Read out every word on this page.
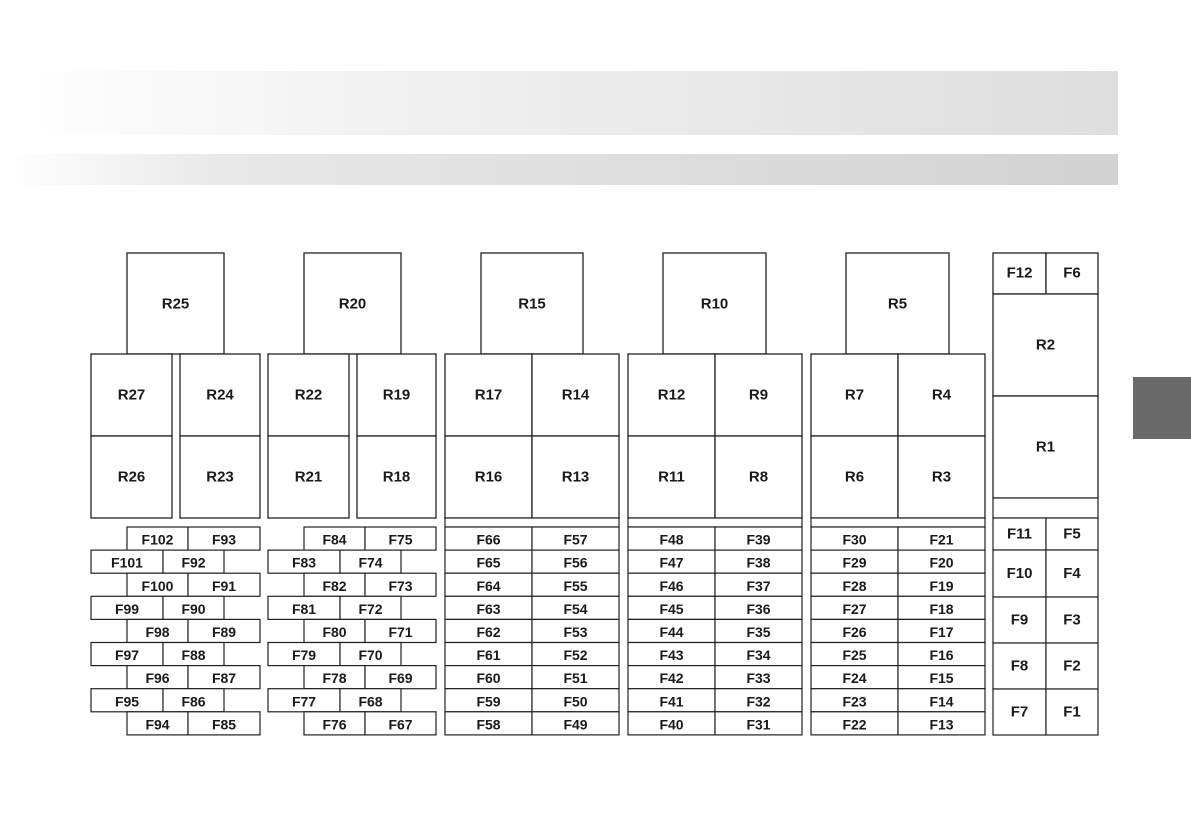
R25
R27	R24
R26	R23
F102	F93
F101	F92
F100	F91
F99	F90
F98	F89
F97	F88
F96	F87
F95	F86
F94	F85
R20
R22	R19
R21	R18
F84	F75
F83	F74
F82	F73
F81	F72
F80	F71
F79	F70
F78	F69
F77	F68
F76	F67
R15
R17	R14
R16	R13
F66	F57
F65	F56
F64	F55
F63	F54
F62	F53
F61	F52
F60	F51
F59	F50
F58	F49
R10
R12	R9
R11	R8
F48	F39
F47	F38
F46	F37
F45	F36
F44	F35
F43	F34
F42	F33
F41	F32
F40	F31
R5
R7	R4
R6	R3
F30	F21
F29	F20
F28	F19
F27	F18
F26	F17
F25	F16
F24	F15
F23	F14
F22	F13
F12 F6
R2
R1
F11 F5
F10 F4
F9 F3
F8 F2
F7 F1
